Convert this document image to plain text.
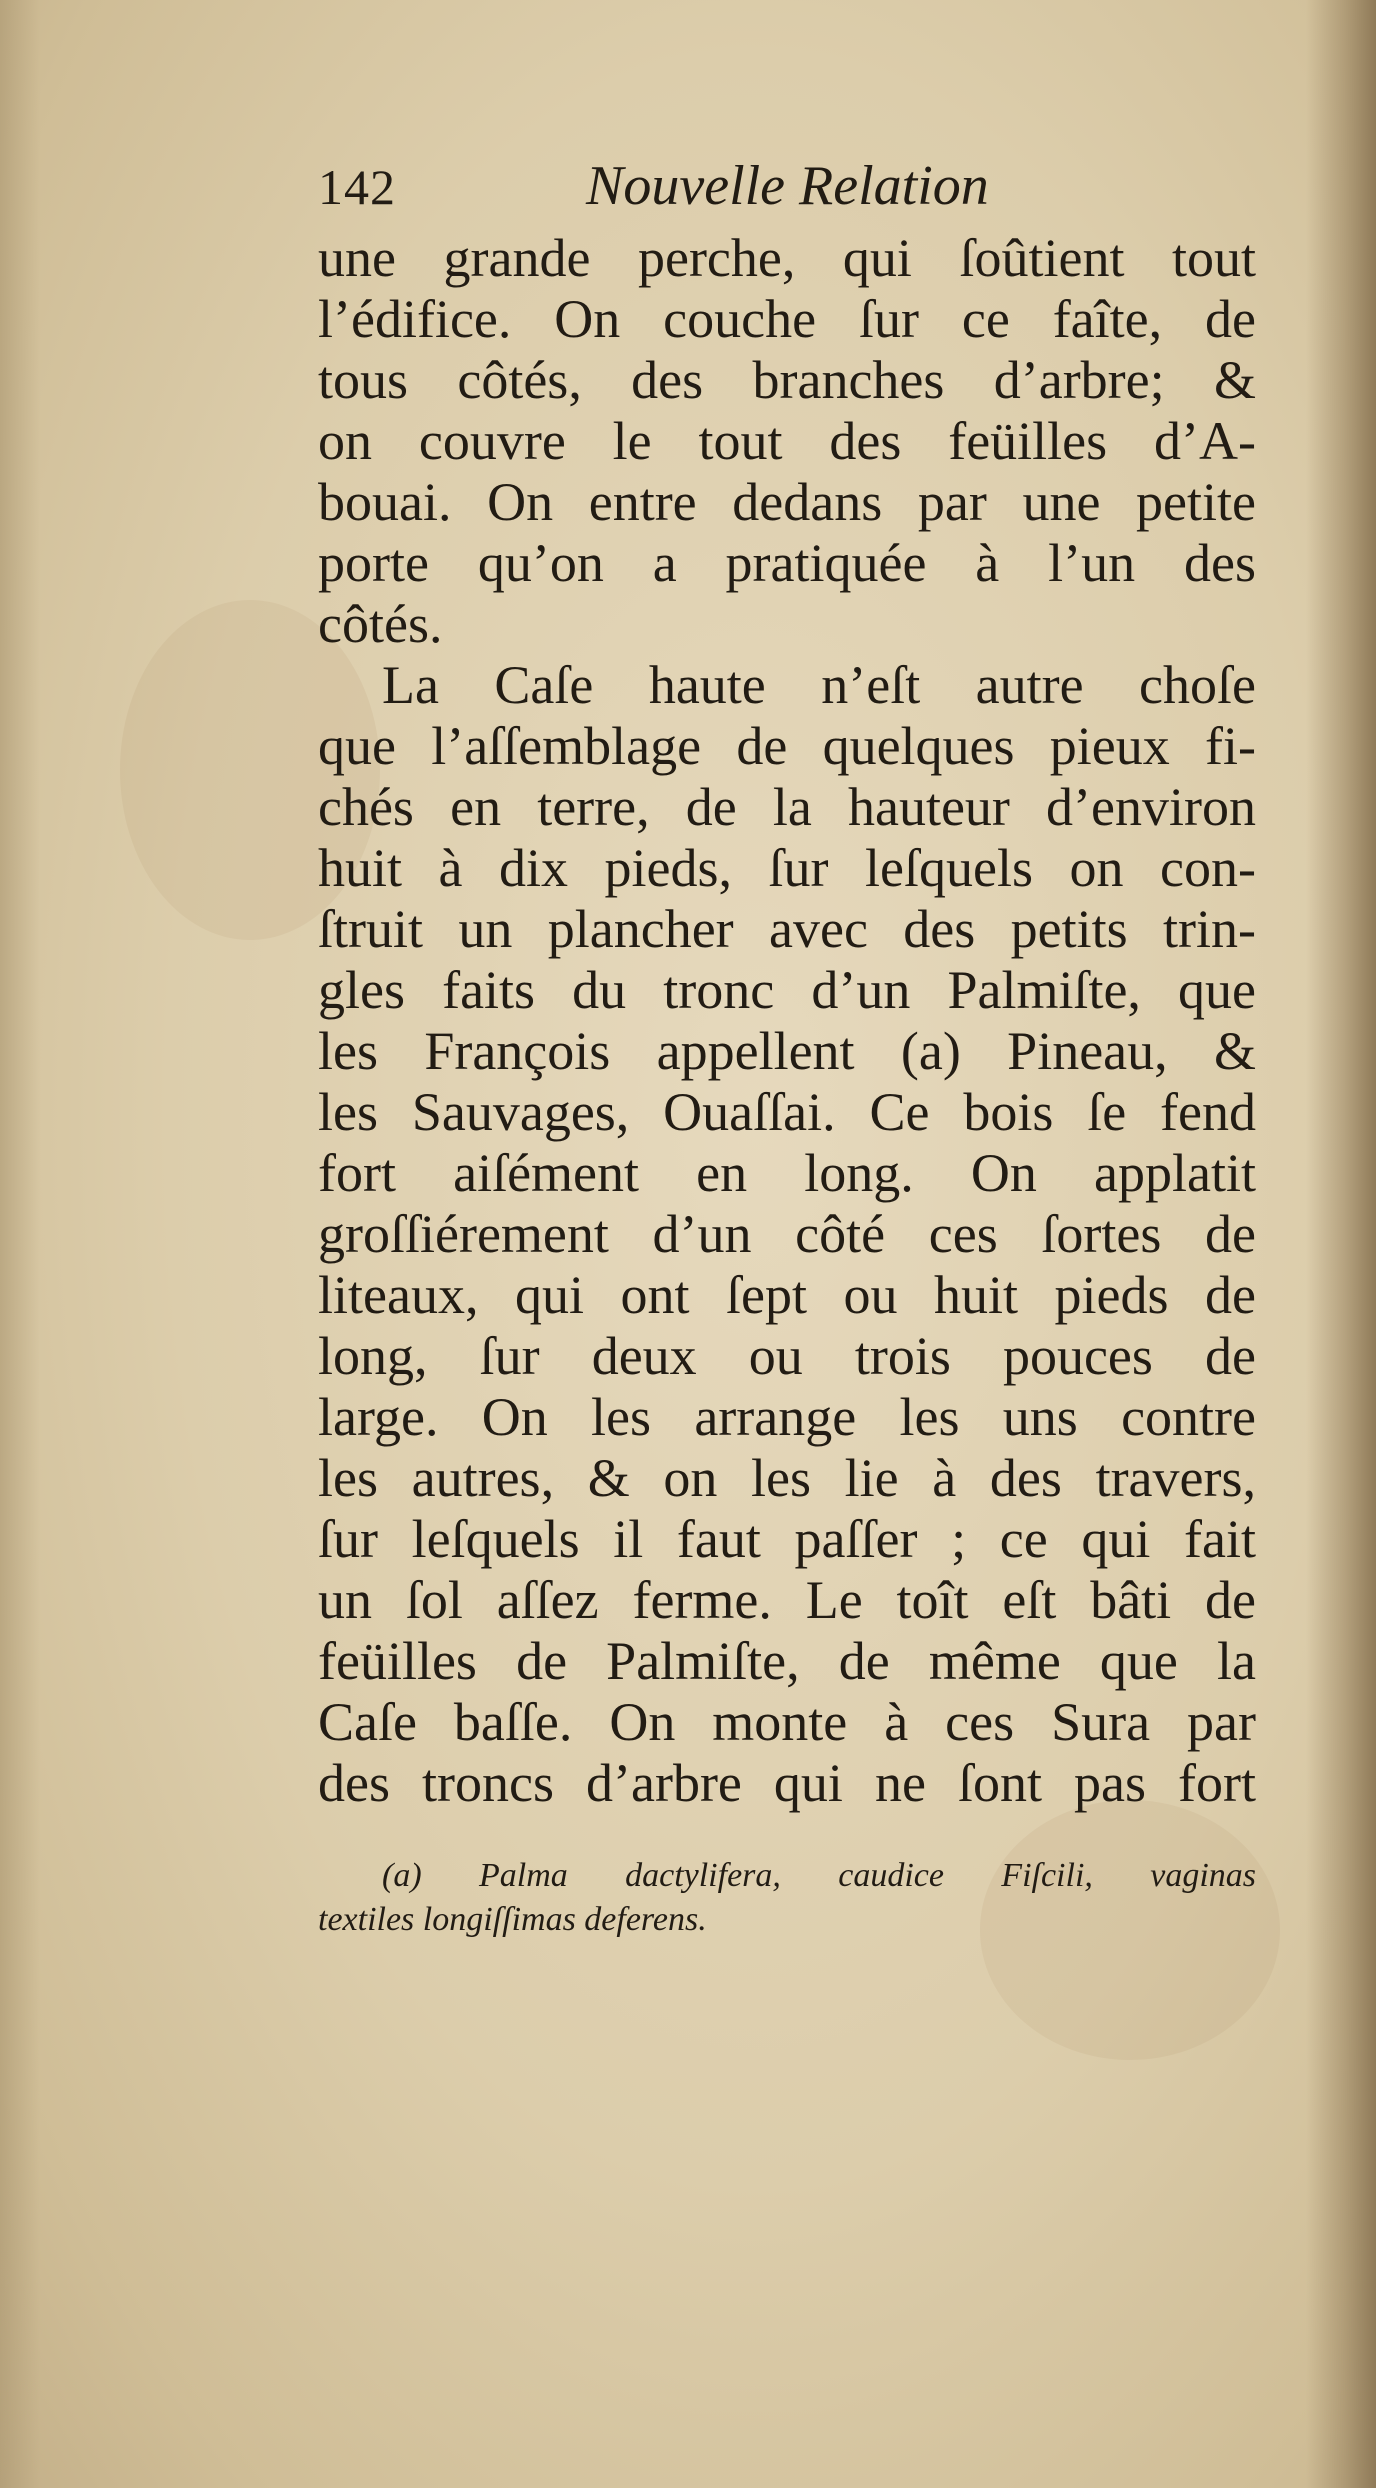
142	Nouvelle Relation
une grande perche, qui ſoûtient tout
l’édifice. On couche ſur ce faîte, de
tous côtés, des branches d’arbre; &
on couvre le tout des feüilles d’A-
bouai. On entre dedans par une petite
porte qu’on a pratiquée à l’un des
côtés.
La Caſe haute n’eſt autre choſe
que l’aſſemblage de quelques pieux fi-
chés en terre, de la hauteur d’environ
huit à dix pieds, ſur leſquels on con-
ſtruit un plancher avec des petits trin-
gles faits du tronc d’un Palmiſte, que
les François appellent (a) Pineau, &
les Sauvages, Ouaſſai. Ce bois ſe fend
fort aiſément en long. On applatit
groſſiérement d’un côté ces ſortes de
liteaux, qui ont ſept ou huit pieds de
long, ſur deux ou trois pouces de
large. On les arrange les uns contre
les autres, & on les lie à des travers,
ſur leſquels il faut paſſer ; ce qui fait
un ſol aſſez ferme. Le toît eſt bâti de
feüilles de Palmiſte, de même que la
Caſe baſſe. On monte à ces Sura par
des troncs d’arbre qui ne ſont pas fort
(a) Palma dactylifera, caudice Fiſcili, vaginas
textiles longiſſimas deferens.
